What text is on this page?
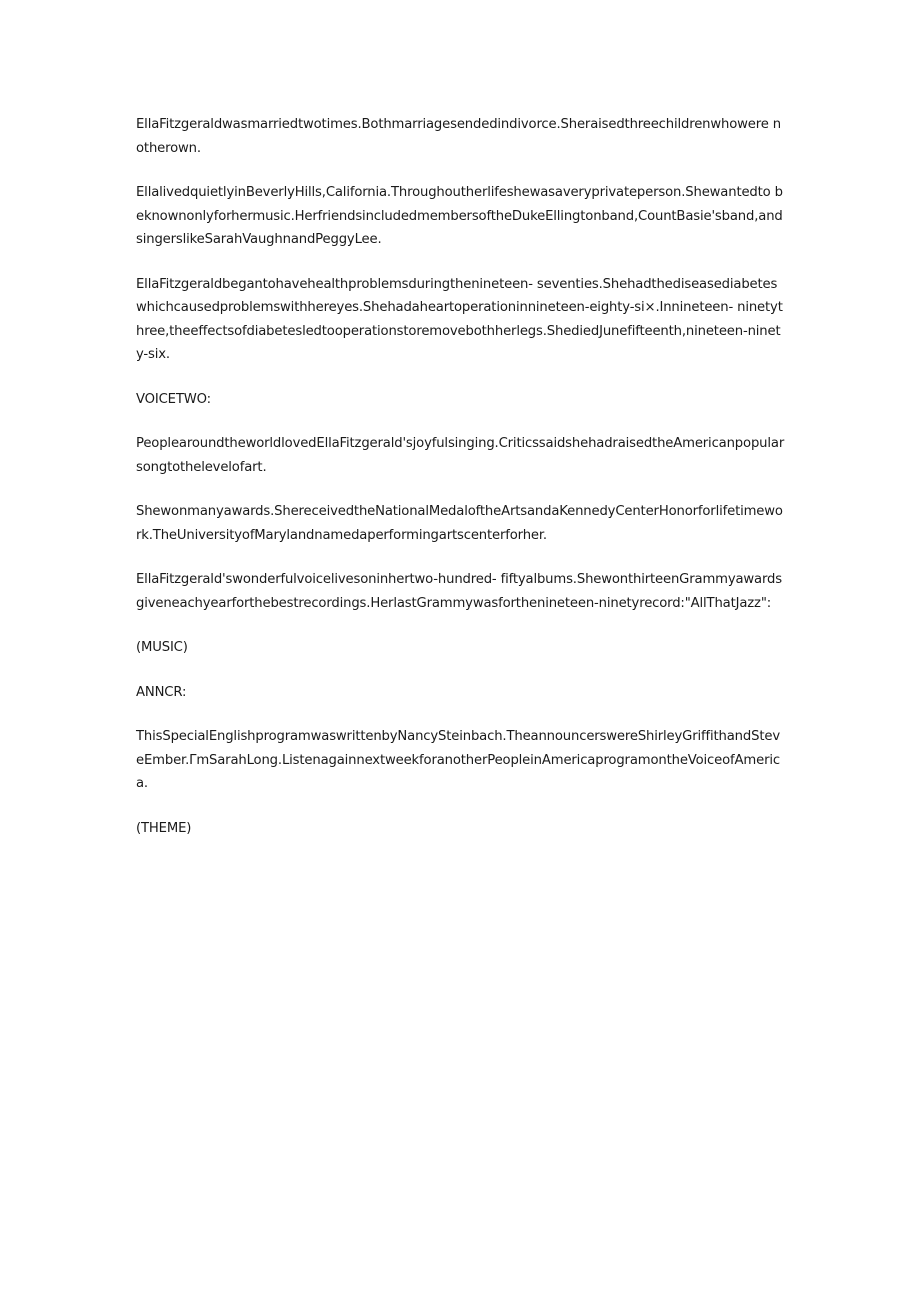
EllaFitzgeraldwasmarriedtwotimes.Bothmarriagesendedindivorce.Sheraisedthreechildrenwhowere notherown.

EllalivedquietlyinBeverlyHills,California.Throughoutherlifeshewasaveryprivateperson.Shewantedto beknownonlyforhermusic.HerfriendsincludedmembersoftheDukeEllingtonband,CountBasie'sband,andsingerslikeSarahVaughnandPeggyLee.

EllaFitzgeraldbegantohavehealthproblemsduringthenineteen- seventies.Shehadthediseasediabeteswhichcausedproblemswithhereyes.Shehadaheartoperationinnineteen-eighty-si×.Innineteen- ninetythree,theeffectsofdiabetesledtooperationstoremovebothherlegs.ShediedJunefifteenth,nineteen-ninety-six.

VOICETWO:

PeoplearoundtheworldlovedEllaFitzgerald'sjoyfulsinging.CriticssaidshehadraisedtheAmericanpopularsongtothelevelofart.

Shewonmanyawards.ShereceivedtheNationalMedaloftheArtsandaKennedyCenterHonorforlifetimework.TheUniversityofMarylandnamedaperformingartscenterforher.

EllaFitzgerald'swonderfulvoicelivesoninhertwo-hundred- fiftyalbums.ShewonthirteenGrammyawardsgiveneachyearforthebestrecordings.HerlastGrammywasforthenineteen-ninetyrecord:"AllThatJazz":

(MUSIC)

ANNCR:

ThisSpecialEnglishprogramwaswrittenbyNancySteinbach.TheannouncerswereShirleyGriffithandSteveEmber.ΓmSarahLong.ListenagainnextweekforanotherPeopleinAmericaprogramontheVoiceofAmerica.

(THEME)
